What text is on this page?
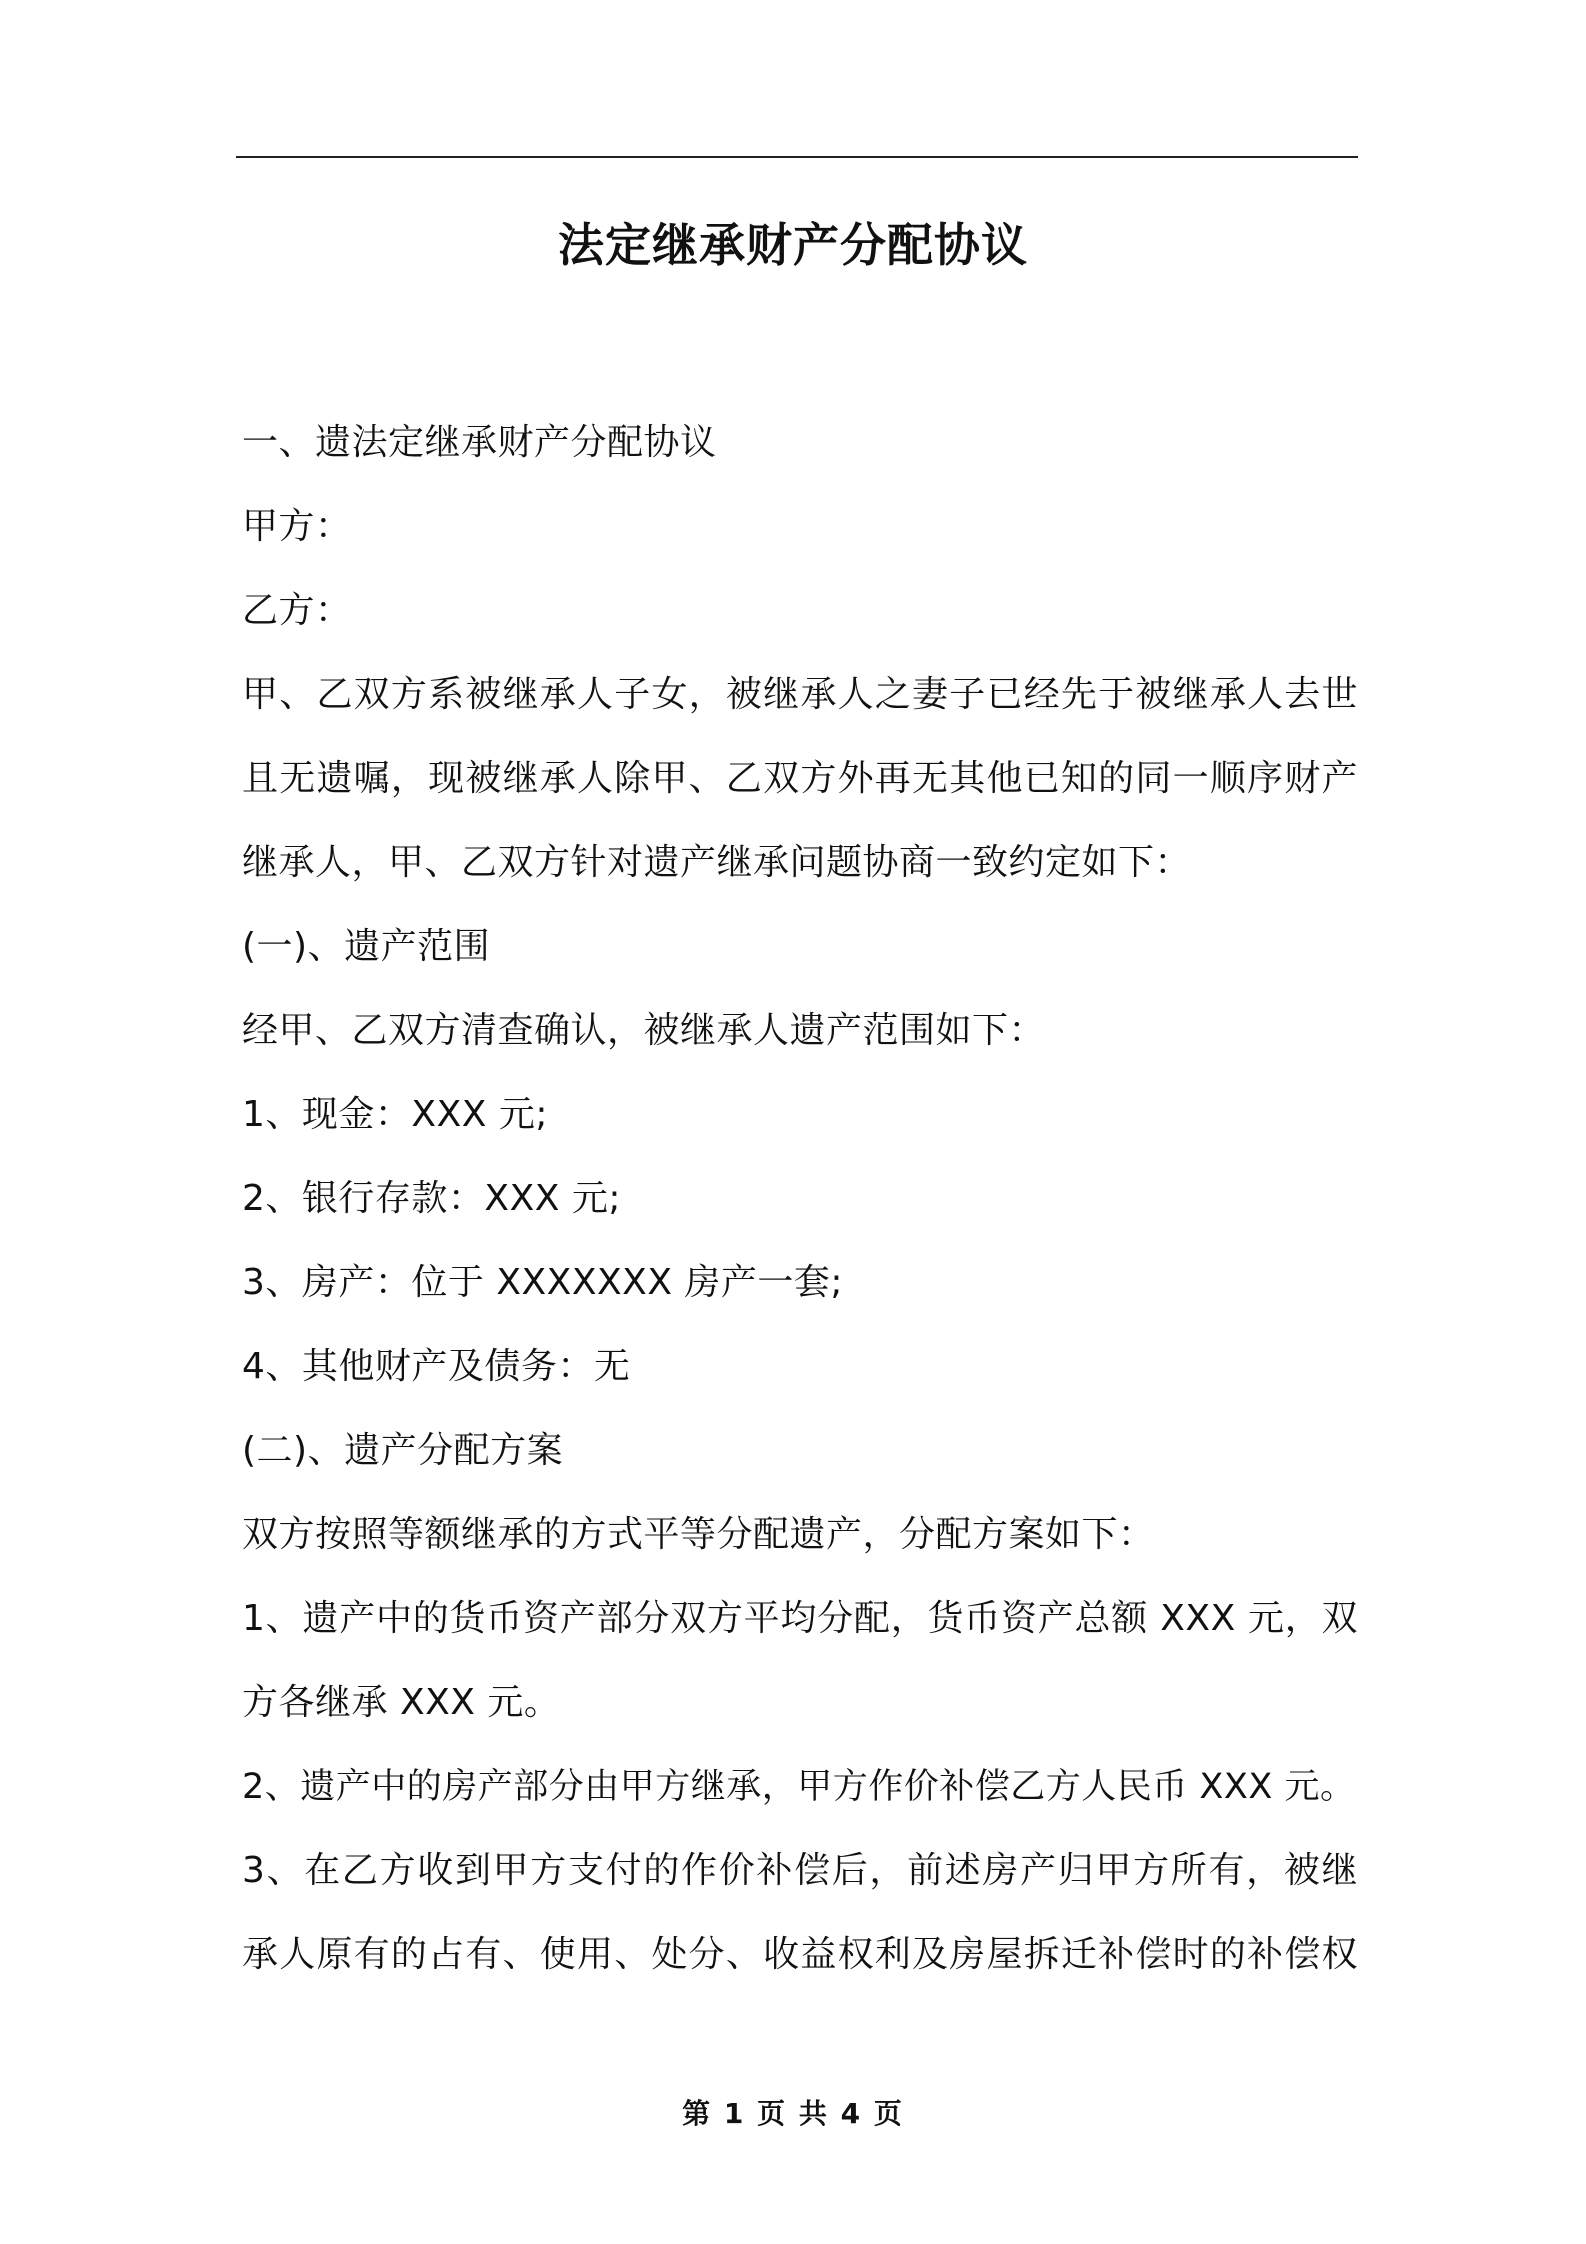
法定继承财产分配协议
一、遗法定继承财产分配协议
甲方：
乙方：
甲、乙双方系被继承人子女，被继承人之妻子已经先于被继承人去世
且无遗嘱，现被继承人除甲、乙双方外再无其他已知的同一顺序财产
继承人，甲、乙双方针对遗产继承问题协商一致约定如下：
(一)、遗产范围
经甲、乙双方清查确认，被继承人遗产范围如下：
1、现金：XXX 元;
2、银行存款：XXX 元;
3、房产：位于 XXXXXXX 房产一套;
4、其他财产及债务：无
(二)、遗产分配方案
双方按照等额继承的方式平等分配遗产，分配方案如下：
1、遗产中的货币资产部分双方平均分配，货币资产总额 XXX 元，双
方各继承 XXX 元。
2、遗产中的房产部分由甲方继承，甲方作价补偿乙方人民币 XXX 元。
3、在乙方收到甲方支付的作价补偿后，前述房产归甲方所有，被继
承人原有的占有、使用、处分、收益权利及房屋拆迁补偿时的补偿权
第 1 页 共 4 页
